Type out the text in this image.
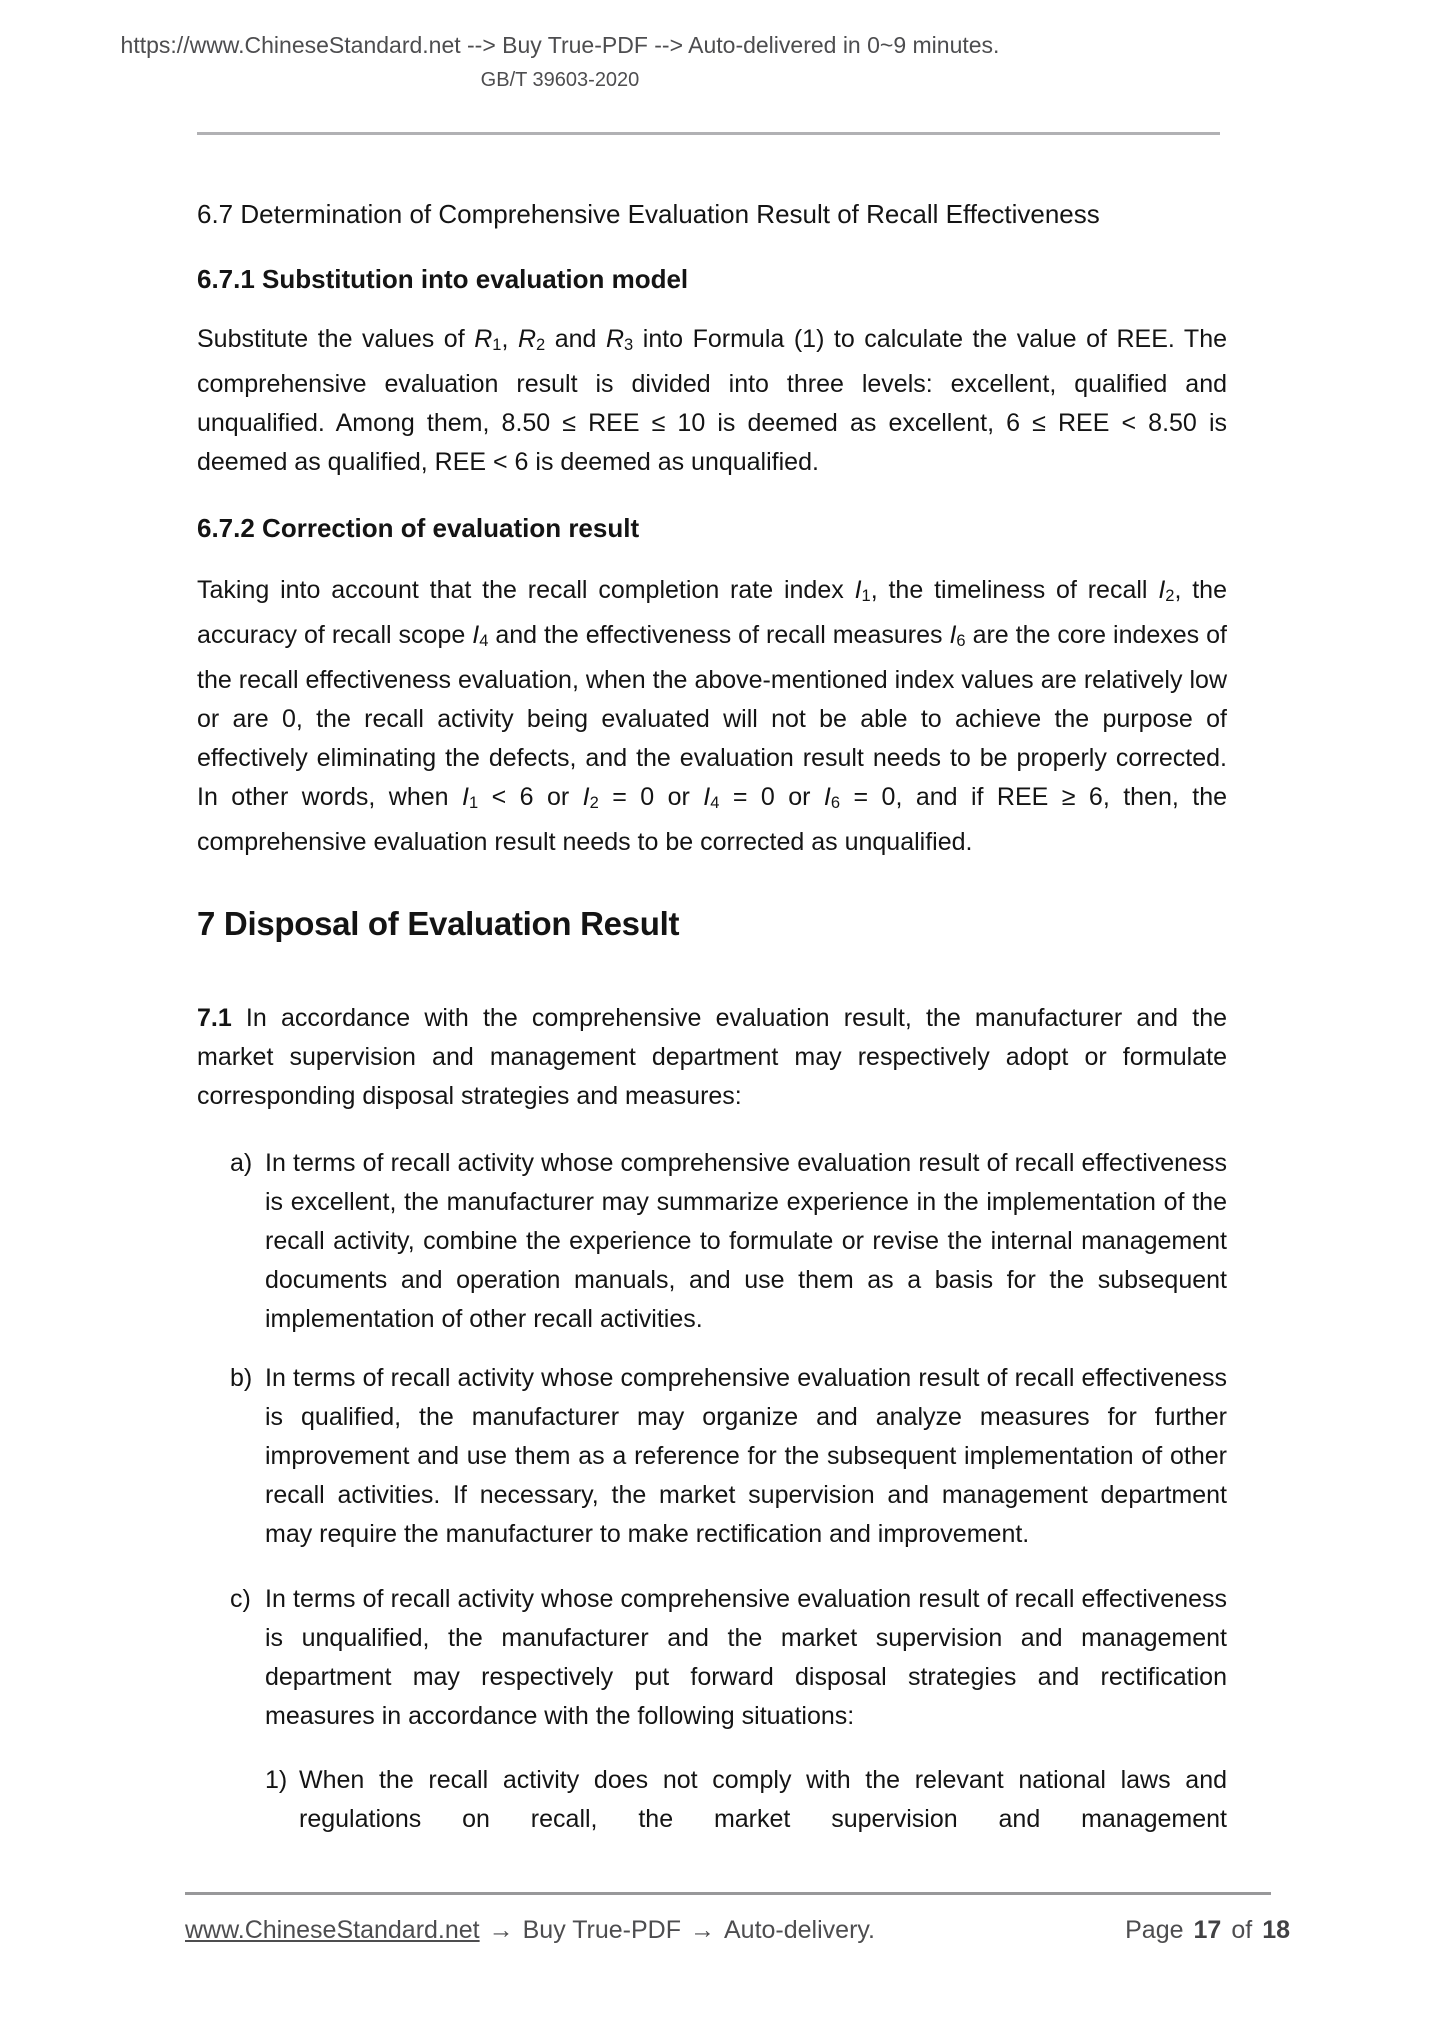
https://www.ChineseStandard.net --> Buy True-PDF --> Auto-delivered in 0~9 minutes.
GB/T 39603-2020
6.7 Determination of Comprehensive Evaluation Result of Recall Effectiveness
6.7.1 Substitution into evaluation model

Substitute the values of R1, R2 and R3 into Formula (1) to calculate the value of REE. The comprehensive evaluation result is divided into three levels: excellent, qualified and unqualified. Among them, 8.50 ≤ REE ≤ 10 is deemed as excellent, 6 ≤ REE < 8.50 is deemed as qualified, REE < 6 is deemed as unqualified.

6.7.2 Correction of evaluation result

Taking into account that the recall completion rate index I1, the timeliness of recall I2, the accuracy of recall scope I4 and the effectiveness of recall measures I6 are the core indexes of the recall effectiveness evaluation, when the above-mentioned index values are relatively low or are 0, the recall activity being evaluated will not be able to achieve the purpose of effectively eliminating the defects, and the evaluation result needs to be properly corrected. In other words, when I1 < 6 or I2 = 0 or I4 = 0 or I6 = 0, and if REE ≥ 6, then, the comprehensive evaluation result needs to be corrected as unqualified.

7 Disposal of Evaluation Result

7.1 In accordance with the comprehensive evaluation result, the manufacturer and the market supervision and management department may respectively adopt or formulate corresponding disposal strategies and measures:

a) In terms of recall activity whose comprehensive evaluation result of recall effectiveness is excellent, the manufacturer may summarize experience in the implementation of the recall activity, combine the experience to formulate or revise the internal management documents and operation manuals, and use them as a basis for the subsequent implementation of other recall activities.
b) In terms of recall activity whose comprehensive evaluation result of recall effectiveness is qualified, the manufacturer may organize and analyze measures for further improvement and use them as a reference for the subsequent implementation of other recall activities. If necessary, the market supervision and management department may require the manufacturer to make rectification and improvement.
c) In terms of recall activity whose comprehensive evaluation result of recall effectiveness is unqualified, the manufacturer and the market supervision and management department may respectively put forward disposal strategies and rectification measures in accordance with the following situations:
1) When the recall activity does not comply with the relevant national laws and regulations on recall, the market supervision and management
www.ChineseStandard.net → Buy True-PDF → Auto-delivery.	Page 17 of 18
